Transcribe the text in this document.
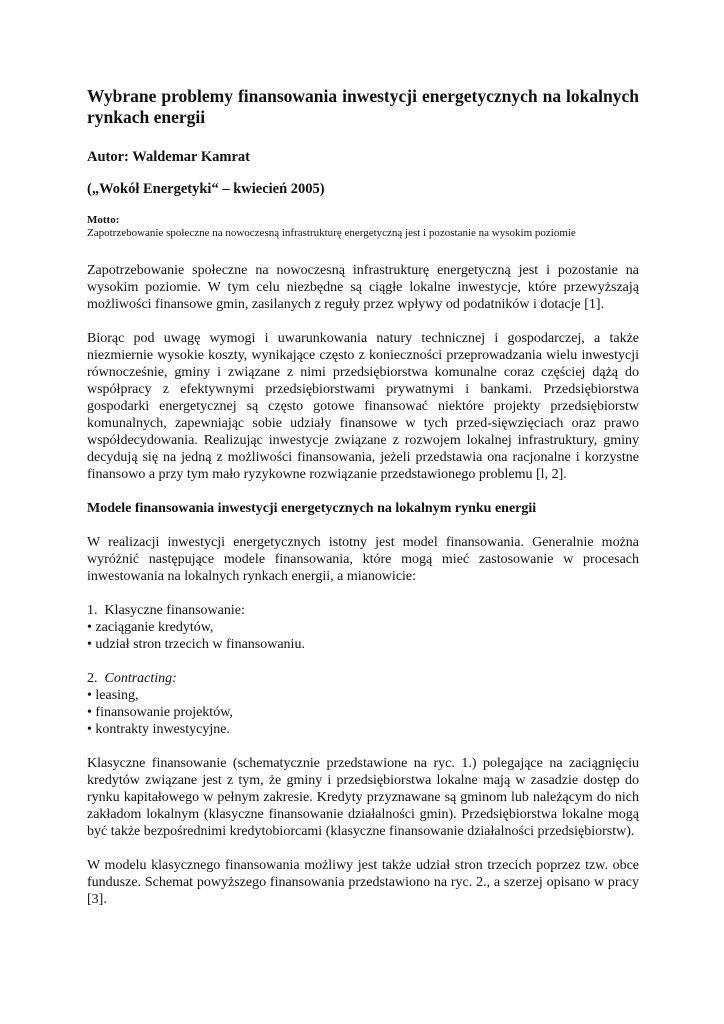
Wybrane problemy finansowania inwestycji energetycznych na lokalnych rynkach energii
Autor: Waldemar Kamrat
(„Wokół Energetyki“ – kwiecień 2005)
Motto:
Zapotrzebowanie społeczne na nowoczesną infrastrukturę energetyczną jest i pozostanie na wysokim poziomie

Zapotrzebowanie społeczne na nowoczesną infrastrukturę energetyczną jest i pozostanie na wysokim poziomie. W tym celu niezbędne są ciągłe lokalne inwestycje, które przewyższają możliwości finansowe gmin, zasilanych z reguły przez wpływy od podatników i dotacje [1].

Biorąc pod uwagę wymogi i uwarunkowania natury technicznej i gospodarczej, a także niezmiernie wysokie koszty, wynikające często z konieczności przeprowadzania wielu inwestycji równocześnie, gminy i związane z nimi przedsiębiorstwa komunalne coraz częściej dążą do współpracy z efektywnymi przedsiębiorstwami prywatnymi i bankami. Przedsiębiorstwa gospodarki energetycznej są często gotowe finansować niektóre projekty przedsiębiorstw komunalnych, zapewniając sobie udziały finansowe w tych przed-sięwzięciach oraz prawo współdecydowania. Realizując inwestycje związane z rozwojem lokalnej infrastruktury, gminy decydują się na jedną z możliwości finansowania, jeżeli przedstawia ona racjonalne i korzystne finansowo a przy tym mało ryzykowne rozwiązanie przedstawionego problemu [l, 2].

Modele finansowania inwestycji energetycznych na lokalnym rynku energii

W realizacji inwestycji energetycznych istotny jest model finansowania. Generalnie można wyróżnić następujące modele finansowania, które mogą mieć zastosowanie w procesach inwestowania na lokalnych rynkach energii, a mianowicie:

1. Klasyczne finansowanie:
• zaciąganie kredytów,
• udział stron trzecich w finansowaniu.
2. Contracting:
• leasing,
• finansowanie projektów,
• kontrakty inwestycyjne.

Klasyczne finansowanie (schematycznie przedstawione na ryc. 1.) polegające na zaciągnięciu kredytów związane jest z tym, że gminy i przedsiębiorstwa lokalne mają w zasadzie dostęp do rynku kapitałowego w pełnym zakresie. Kredyty przyznawane są gminom lub należącym do nich zakładom lokalnym (klasyczne finansowanie działalności gmin). Przedsiębiorstwa lokalne mogą być także bezpośrednimi kredytobiorcami (klasyczne finansowanie działalności przedsiębiorstw).

W modelu klasycznego finansowania możliwy jest także udział stron trzecich poprzez tzw. obce fundusze. Schemat powyższego finansowania przedstawiono na ryc. 2., a szerzej opisano w pracy [3].
